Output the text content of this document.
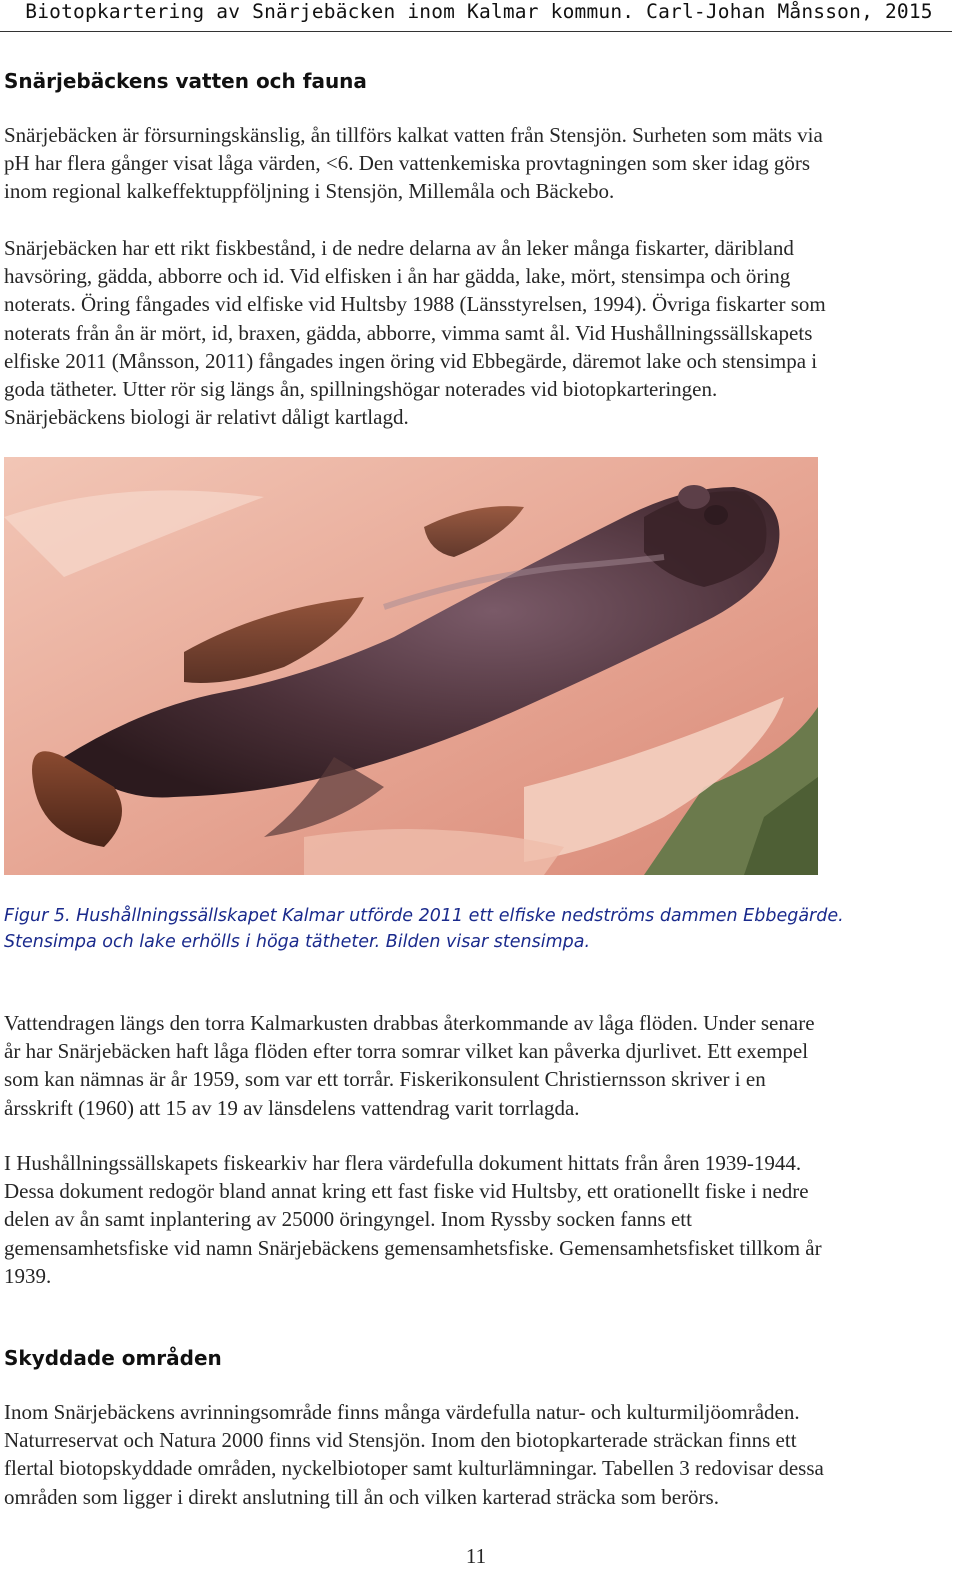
Biotopkartering av Snärjebäcken inom Kalmar kommun. Carl-Johan Månsson, 2015
Snärjebäckens vatten och fauna
Snärjebäcken är försurningskänslig, ån tillförs kalkat vatten från Stensjön. Surheten som mäts via
pH har flera gånger visat låga värden, <6. Den vattenkemiska provtagningen som sker idag görs
inom regional kalkeffektuppföljning i Stensjön, Millemåla och Bäckebo.
Snärjebäcken har ett rikt fiskbestånd, i de nedre delarna av ån leker många fiskarter, däribland
havsöring, gädda, abborre och id. Vid elfisken i ån har gädda, lake, mört, stensimpa och öring
noterats. Öring fångades vid elfiske vid Hultsby 1988 (Länsstyrelsen, 1994). Övriga fiskarter som
noterats från ån är mört, id, braxen, gädda, abborre, vimma samt ål. Vid Hushållningssällskapets
elfiske 2011 (Månsson, 2011) fångades ingen öring vid Ebbegärde, däremot lake och stensimpa i
goda tätheter. Utter rör sig längs ån, spillningshögar noterades vid biotopkarteringen.
Snärjebäckens biologi är relativt dåligt kartlagd.
Figur 5. Hushållningssällskapet Kalmar utförde 2011 ett elfiske nedströms dammen Ebbegärde.
Stensimpa och lake erhölls i höga tätheter. Bilden visar stensimpa.
Vattendragen längs den torra Kalmarkusten drabbas återkommande av låga flöden. Under senare
år har Snärjebäcken haft låga flöden efter torra somrar vilket kan påverka djurlivet. Ett exempel
som kan nämnas är år 1959, som var ett torrår. Fiskerikonsulent Christiernsson skriver i en
årsskrift (1960) att 15 av 19 av länsdelens vattendrag varit torrlagda.
I Hushållningssällskapets fiskearkiv har flera värdefulla dokument hittats från åren 1939-1944.
Dessa dokument redogör bland annat kring ett fast fiske vid Hultsby, ett orationellt fiske i nedre
delen av ån samt inplantering av 25000 öringyngel. Inom Ryssby socken fanns ett
gemensamhetsfiske vid namn Snärjebäckens gemensamhetsfiske. Gemensamhetsfisket tillkom år
1939.
Skyddade områden
Inom Snärjebäckens avrinningsområde finns många värdefulla natur- och kulturmiljöområden.
Naturreservat och Natura 2000 finns vid Stensjön. Inom den biotopkarterade sträckan finns ett
flertal biotopskyddade områden, nyckelbiotoper samt kulturlämningar. Tabellen 3 redovisar dessa
områden som ligger i direkt anslutning till ån och vilken karterad sträcka som berörs.
11
